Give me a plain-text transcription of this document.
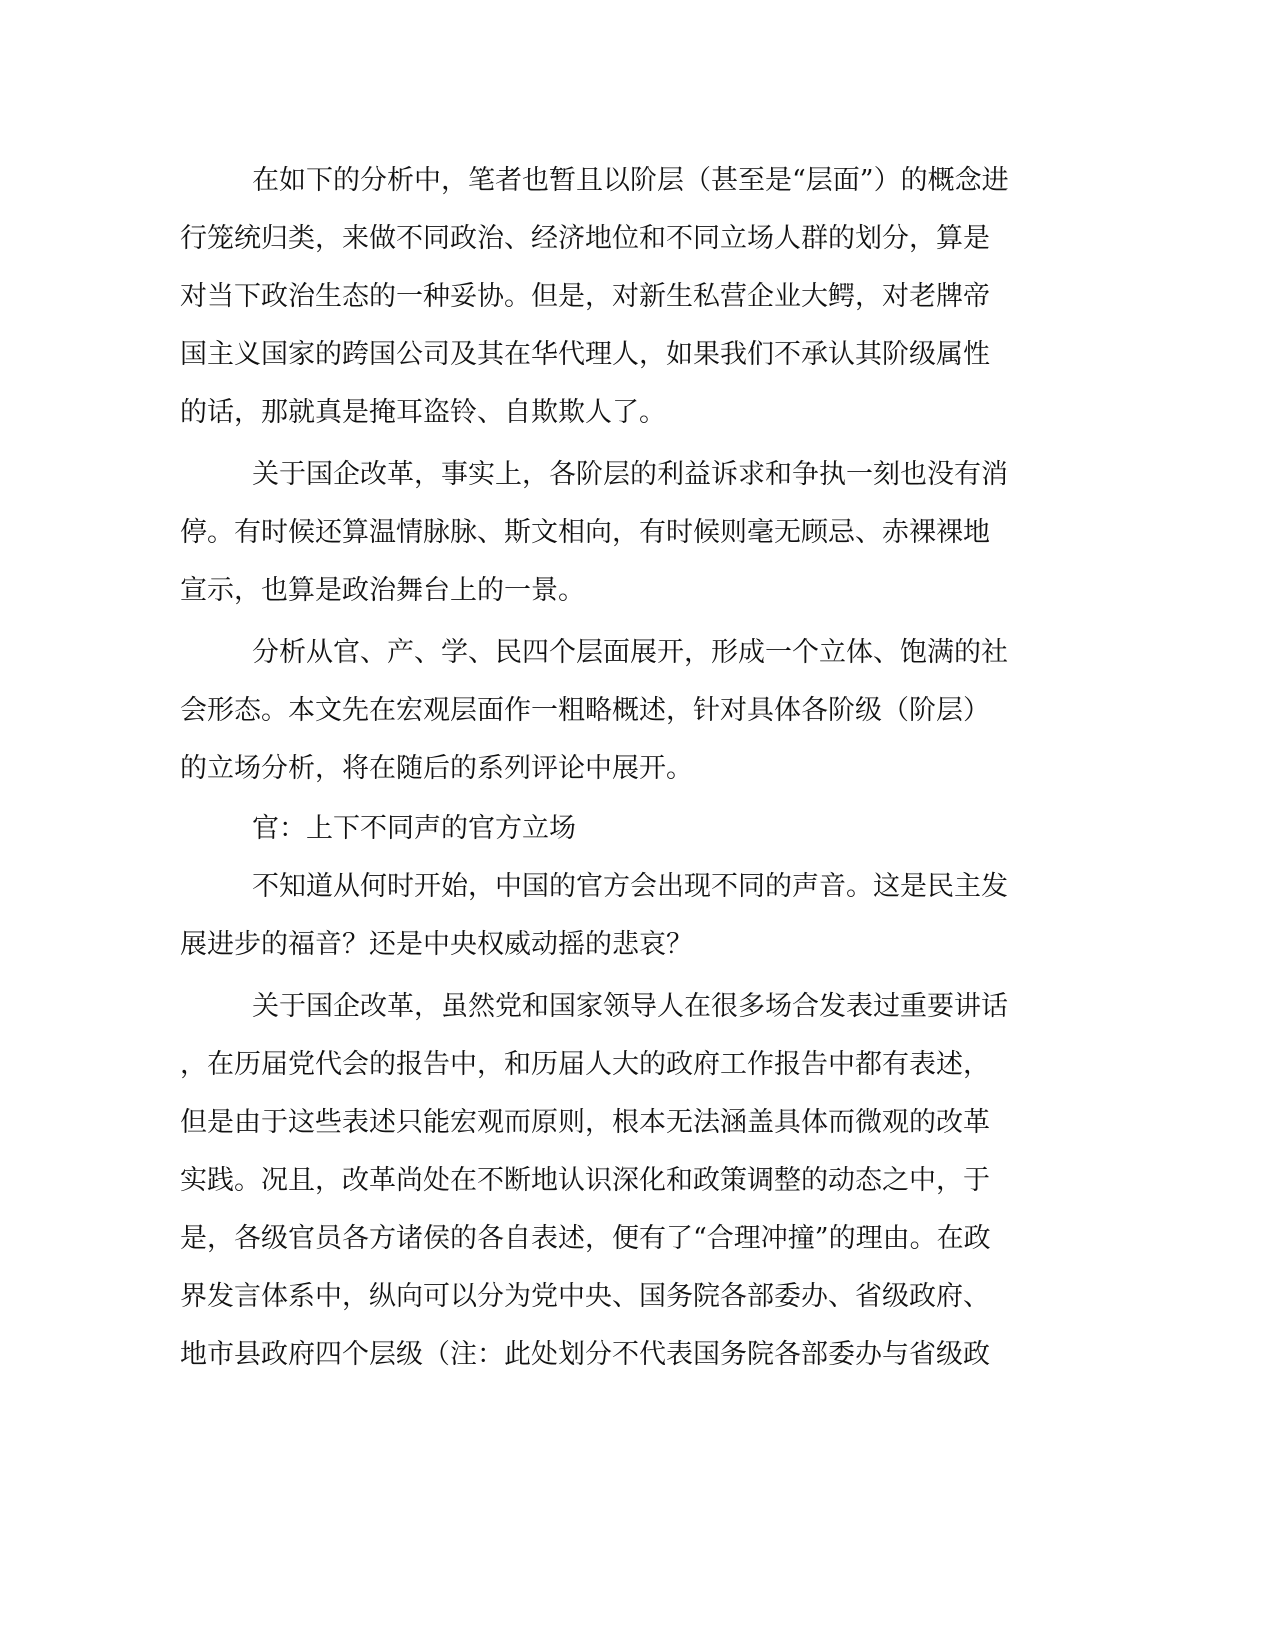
在如下的分析中，笔者也暂且以阶层（甚至是“层面”）的概念进

行笼统归类，来做不同政治、经济地位和不同立场人群的划分，算是

对当下政治生态的一种妥协。但是，对新生私营企业大鳄，对老牌帝

国主义国家的跨国公司及其在华代理人，如果我们不承认其阶级属性

的话，那就真是掩耳盗铃、自欺欺人了。

关于国企改革，事实上，各阶层的利益诉求和争执一刻也没有消

停。有时候还算温情脉脉、斯文相向，有时候则毫无顾忌、赤裸裸地

宣示，也算是政治舞台上的一景。

分析从官、产、学、民四个层面展开，形成一个立体、饱满的社

会形态。本文先在宏观层面作一粗略概述，针对具体各阶级（阶层）

的立场分析，将在随后的系列评论中展开。

官：上下不同声的官方立场

不知道从何时开始，中国的官方会出现不同的声音。这是民主发

展进步的福音？还是中央权威动摇的悲哀？

关于国企改革，虽然党和国家领导人在很多场合发表过重要讲话

，在历届党代会的报告中，和历届人大的政府工作报告中都有表述，

但是由于这些表述只能宏观而原则，根本无法涵盖具体而微观的改革

实践。况且，改革尚处在不断地认识深化和政策调整的动态之中，于

是，各级官员各方诸侯的各自表述，便有了“合理冲撞”的理由。在政

界发言体系中，纵向可以分为党中央、国务院各部委办、省级政府、

地市县政府四个层级（注：此处划分不代表国务院各部委办与省级政
